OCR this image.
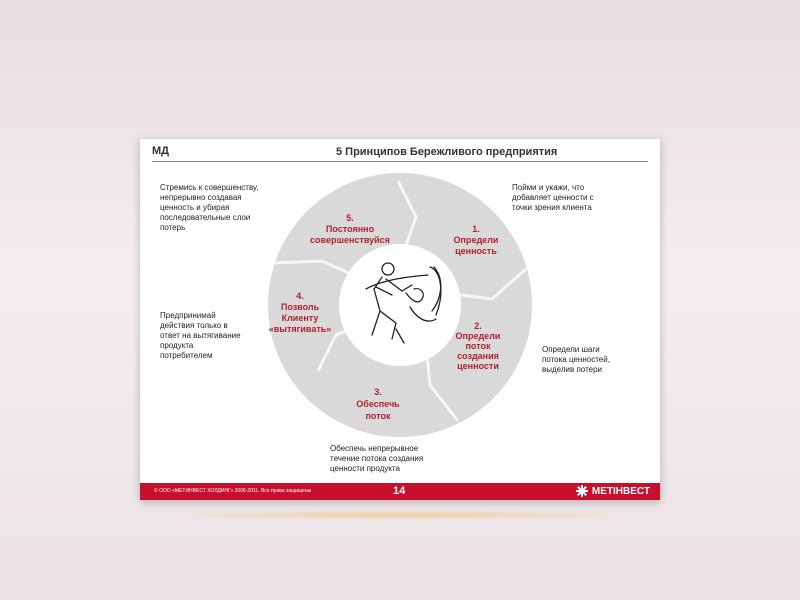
МД	5 Принципов Бережливого предприятия
1.
Определи
ценность
2.
Определи
поток
создания
ценности
3.
Обеспечь
поток
4.
Позволь
Клиенту
«вытягивать»
5.
Постоянно
совершенствуйся
Стремись к совершенству,
непрерывно создавая
ценность и убирая
последовательные слои
потерь
Пойми и укажи, что
добавляет ценности с
точки зрения клиента
Предпринимай
действия только в
ответ на вытягивание
продукта
потребителем
Определи шаги
потока ценностей,
выделив потери
Обеспечь непрерывное
течение потока создания
ценности продукта
© ООО «МЕТИНВЕСТ ХОЛДИНГ» 2006-2011. Все права защищены	14	МЕТІНВЕСТ
